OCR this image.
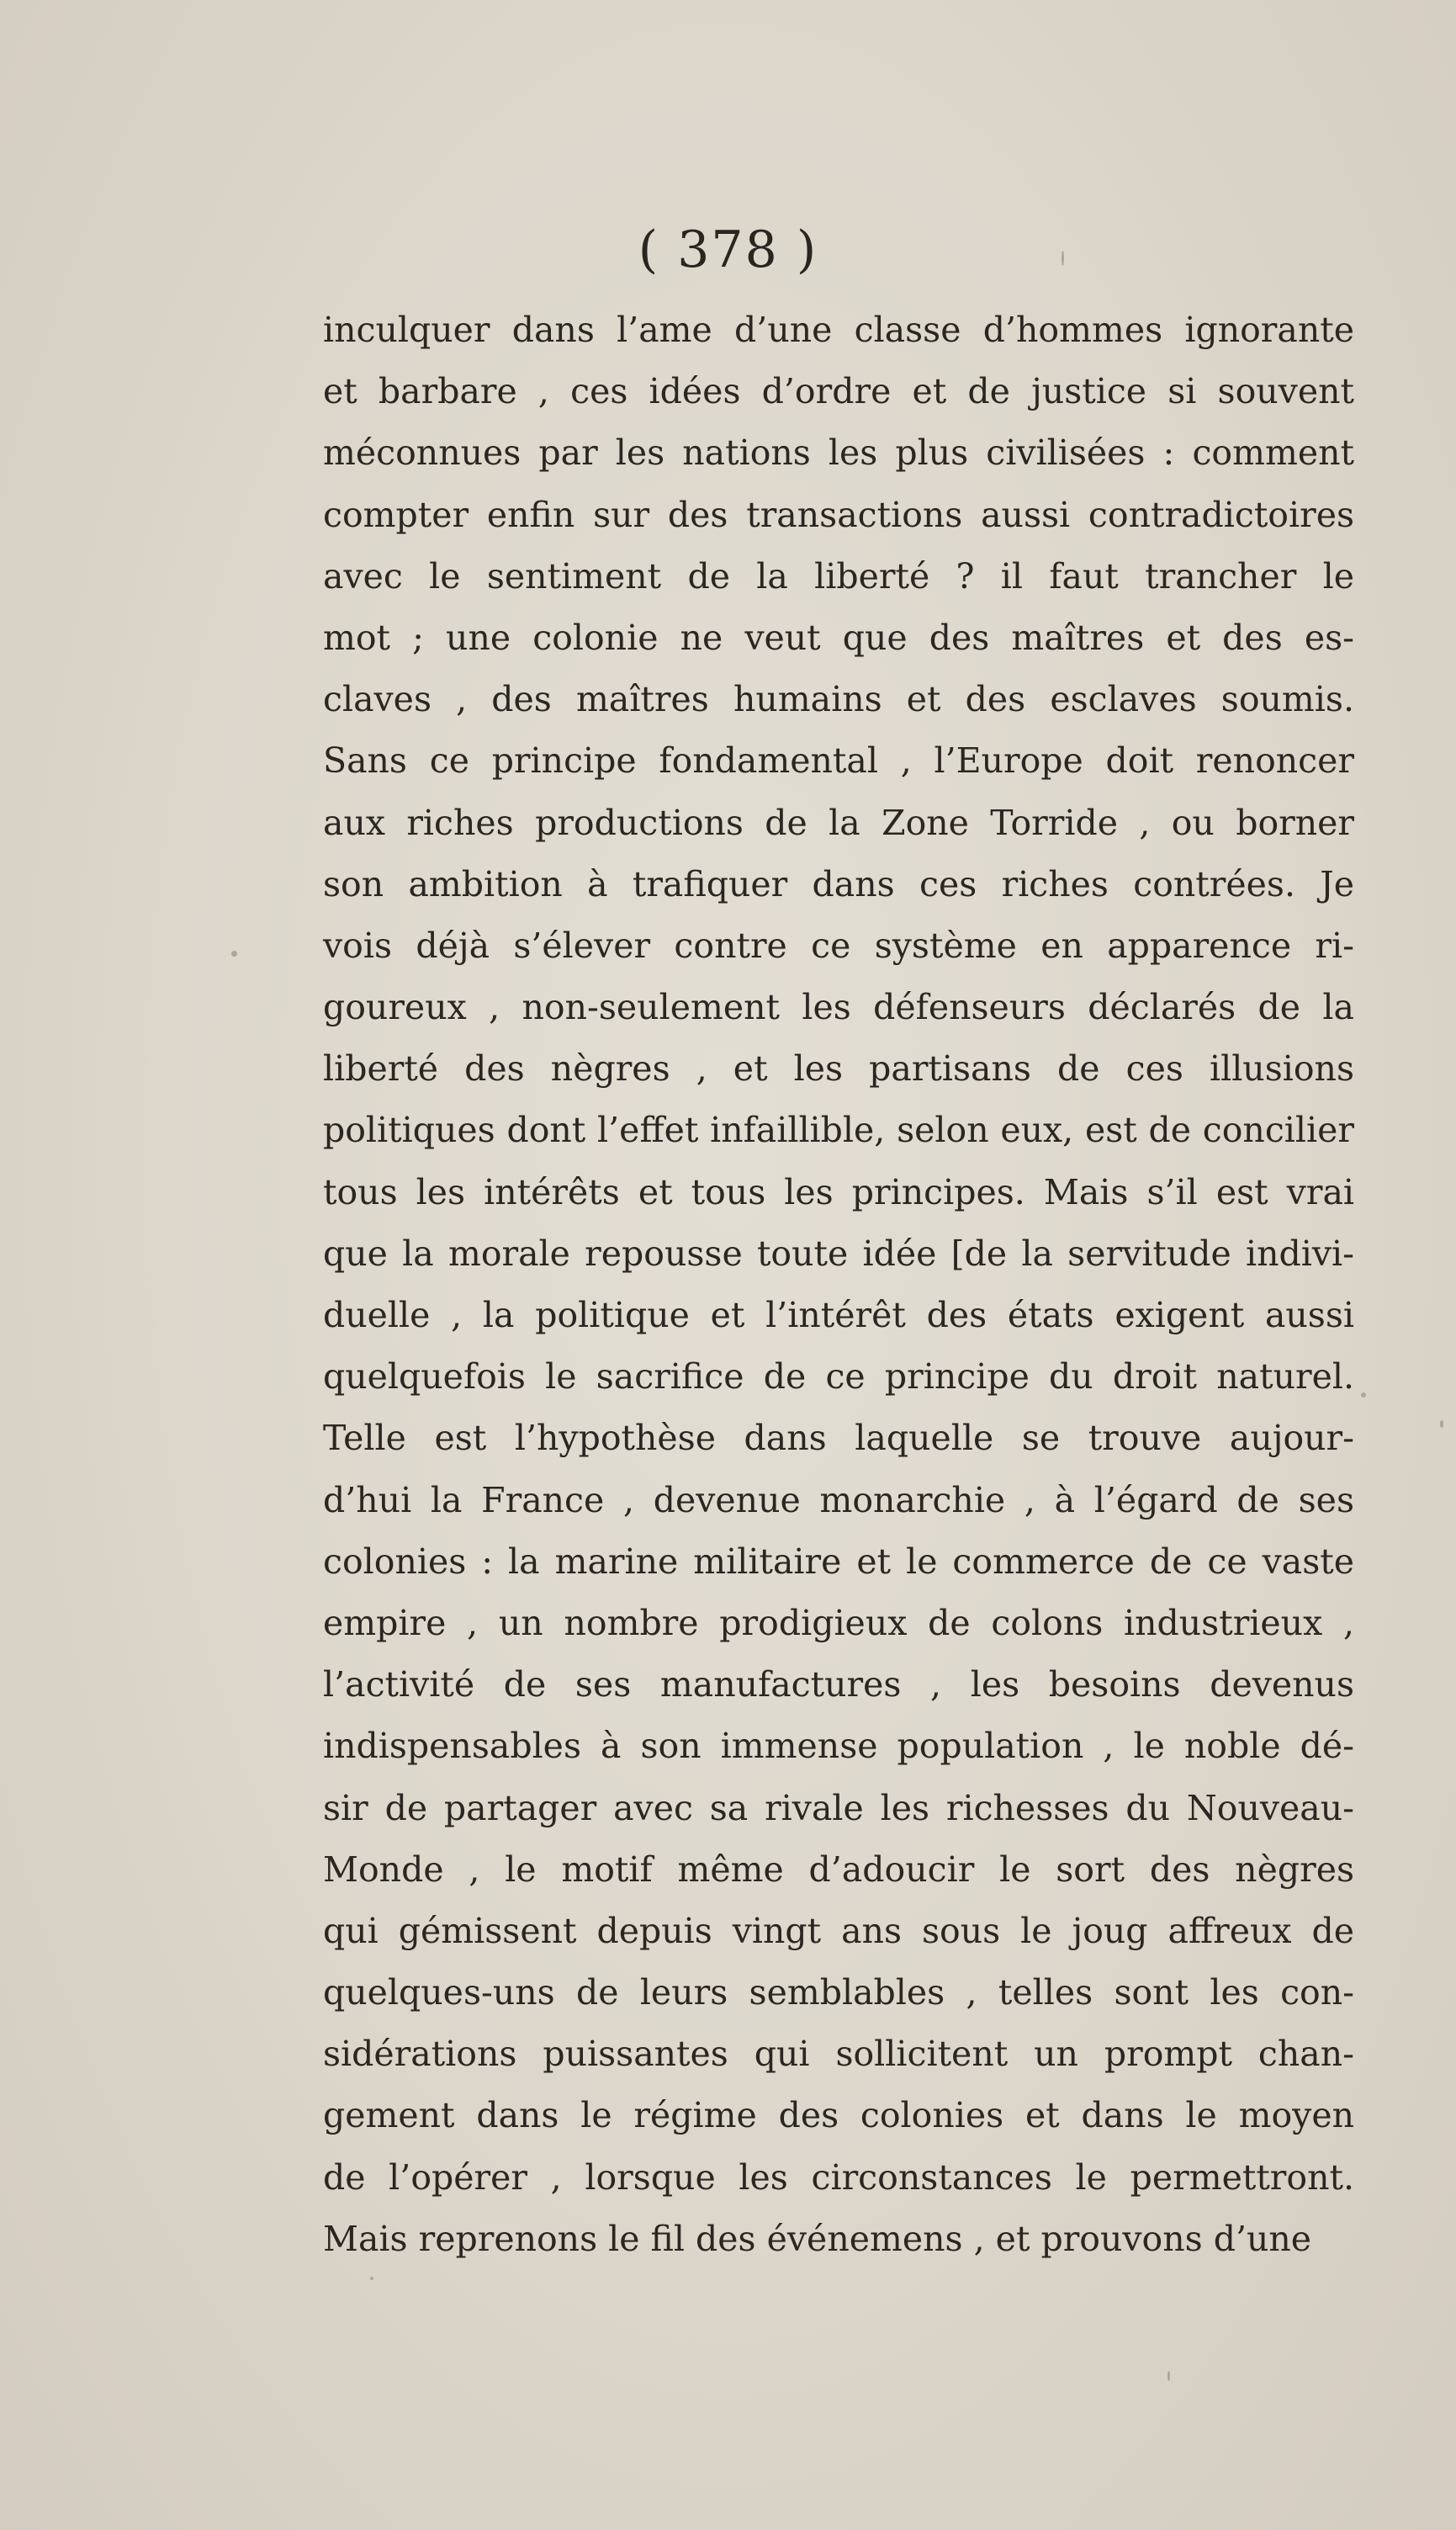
( 378 )
inculquer dans l’ame d’une classe d’hommes ignorante
et barbare , ces idées d’ordre et de justice si souvent
méconnues par les nations les plus civilisées : comment
compter enfin sur des transactions aussi contradictoires
avec le sentiment de la liberté ? il faut trancher le
mot ; une colonie ne veut que des maîtres et des es-
claves , des maîtres humains et des esclaves soumis.
Sans ce principe fondamental , l’Europe doit renoncer
aux riches productions de la Zone Torride , ou borner
son ambition à trafiquer dans ces riches contrées. Je
vois déjà s’élever contre ce système en apparence ri-
goureux , non-seulement les défenseurs déclarés de la
liberté des nègres , et les partisans de ces illusions
politiques dont l’effet infaillible, selon eux, est de concilier
tous les intérêts et tous les principes. Mais s’il est vrai
que la morale repousse toute idée [de la servitude indivi-
duelle , la politique et l’intérêt des états exigent aussi
quelquefois le sacrifice de ce principe du droit naturel.
Telle est l’hypothèse dans laquelle se trouve aujour-
d’hui la France , devenue monarchie , à l’égard de ses
colonies : la marine militaire et le commerce de ce vaste
empire , un nombre prodigieux de colons industrieux ,
l’activité de ses manufactures , les besoins devenus
indispensables à son immense population , le noble dé-
sir de partager avec sa rivale les richesses du Nouveau-
Monde , le motif même d’adoucir le sort des nègres
qui gémissent depuis vingt ans sous le joug affreux de
quelques-uns de leurs semblables , telles sont les con-
sidérations puissantes qui sollicitent un prompt chan-
gement dans le régime des colonies et dans le moyen
de l’opérer , lorsque les circonstances le permettront.
Mais reprenons le fil des événemens , et prouvons d’une
